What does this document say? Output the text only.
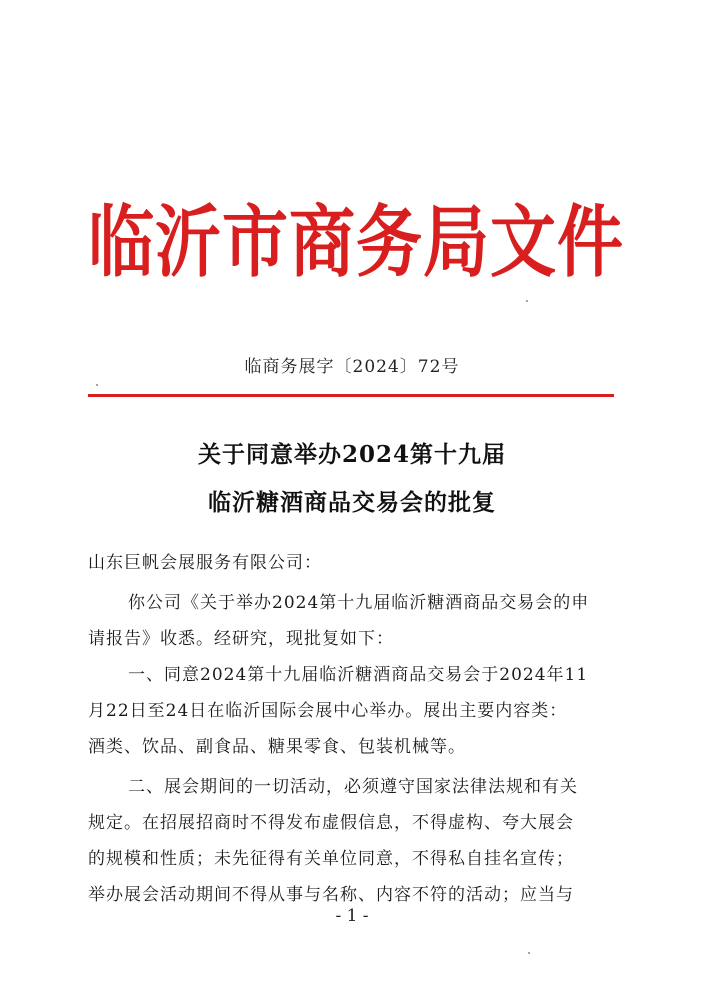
临沂市商务局文件
临商务展字〔2024〕72号
关于同意举办2024第十九届
临沂糖酒商品交易会的批复
山东巨帆会展服务有限公司：
你公司《关于举办2024第十九届临沂糖酒商品交易会的申
请报告》收悉。经研究，现批复如下：
一、同意2024第十九届临沂糖酒商品交易会于2024年11
月22日至24日在临沂国际会展中心举办。展出主要内容类：
酒类、饮品、副食品、糖果零食、包装机械等。
二、展会期间的一切活动，必须遵守国家法律法规和有关
规定。在招展招商时不得发布虚假信息，不得虚构、夸大展会
的规模和性质；未先征得有关单位同意，不得私自挂名宣传；
举办展会活动期间不得从事与名称、内容不符的活动；应当与
- 1 -
